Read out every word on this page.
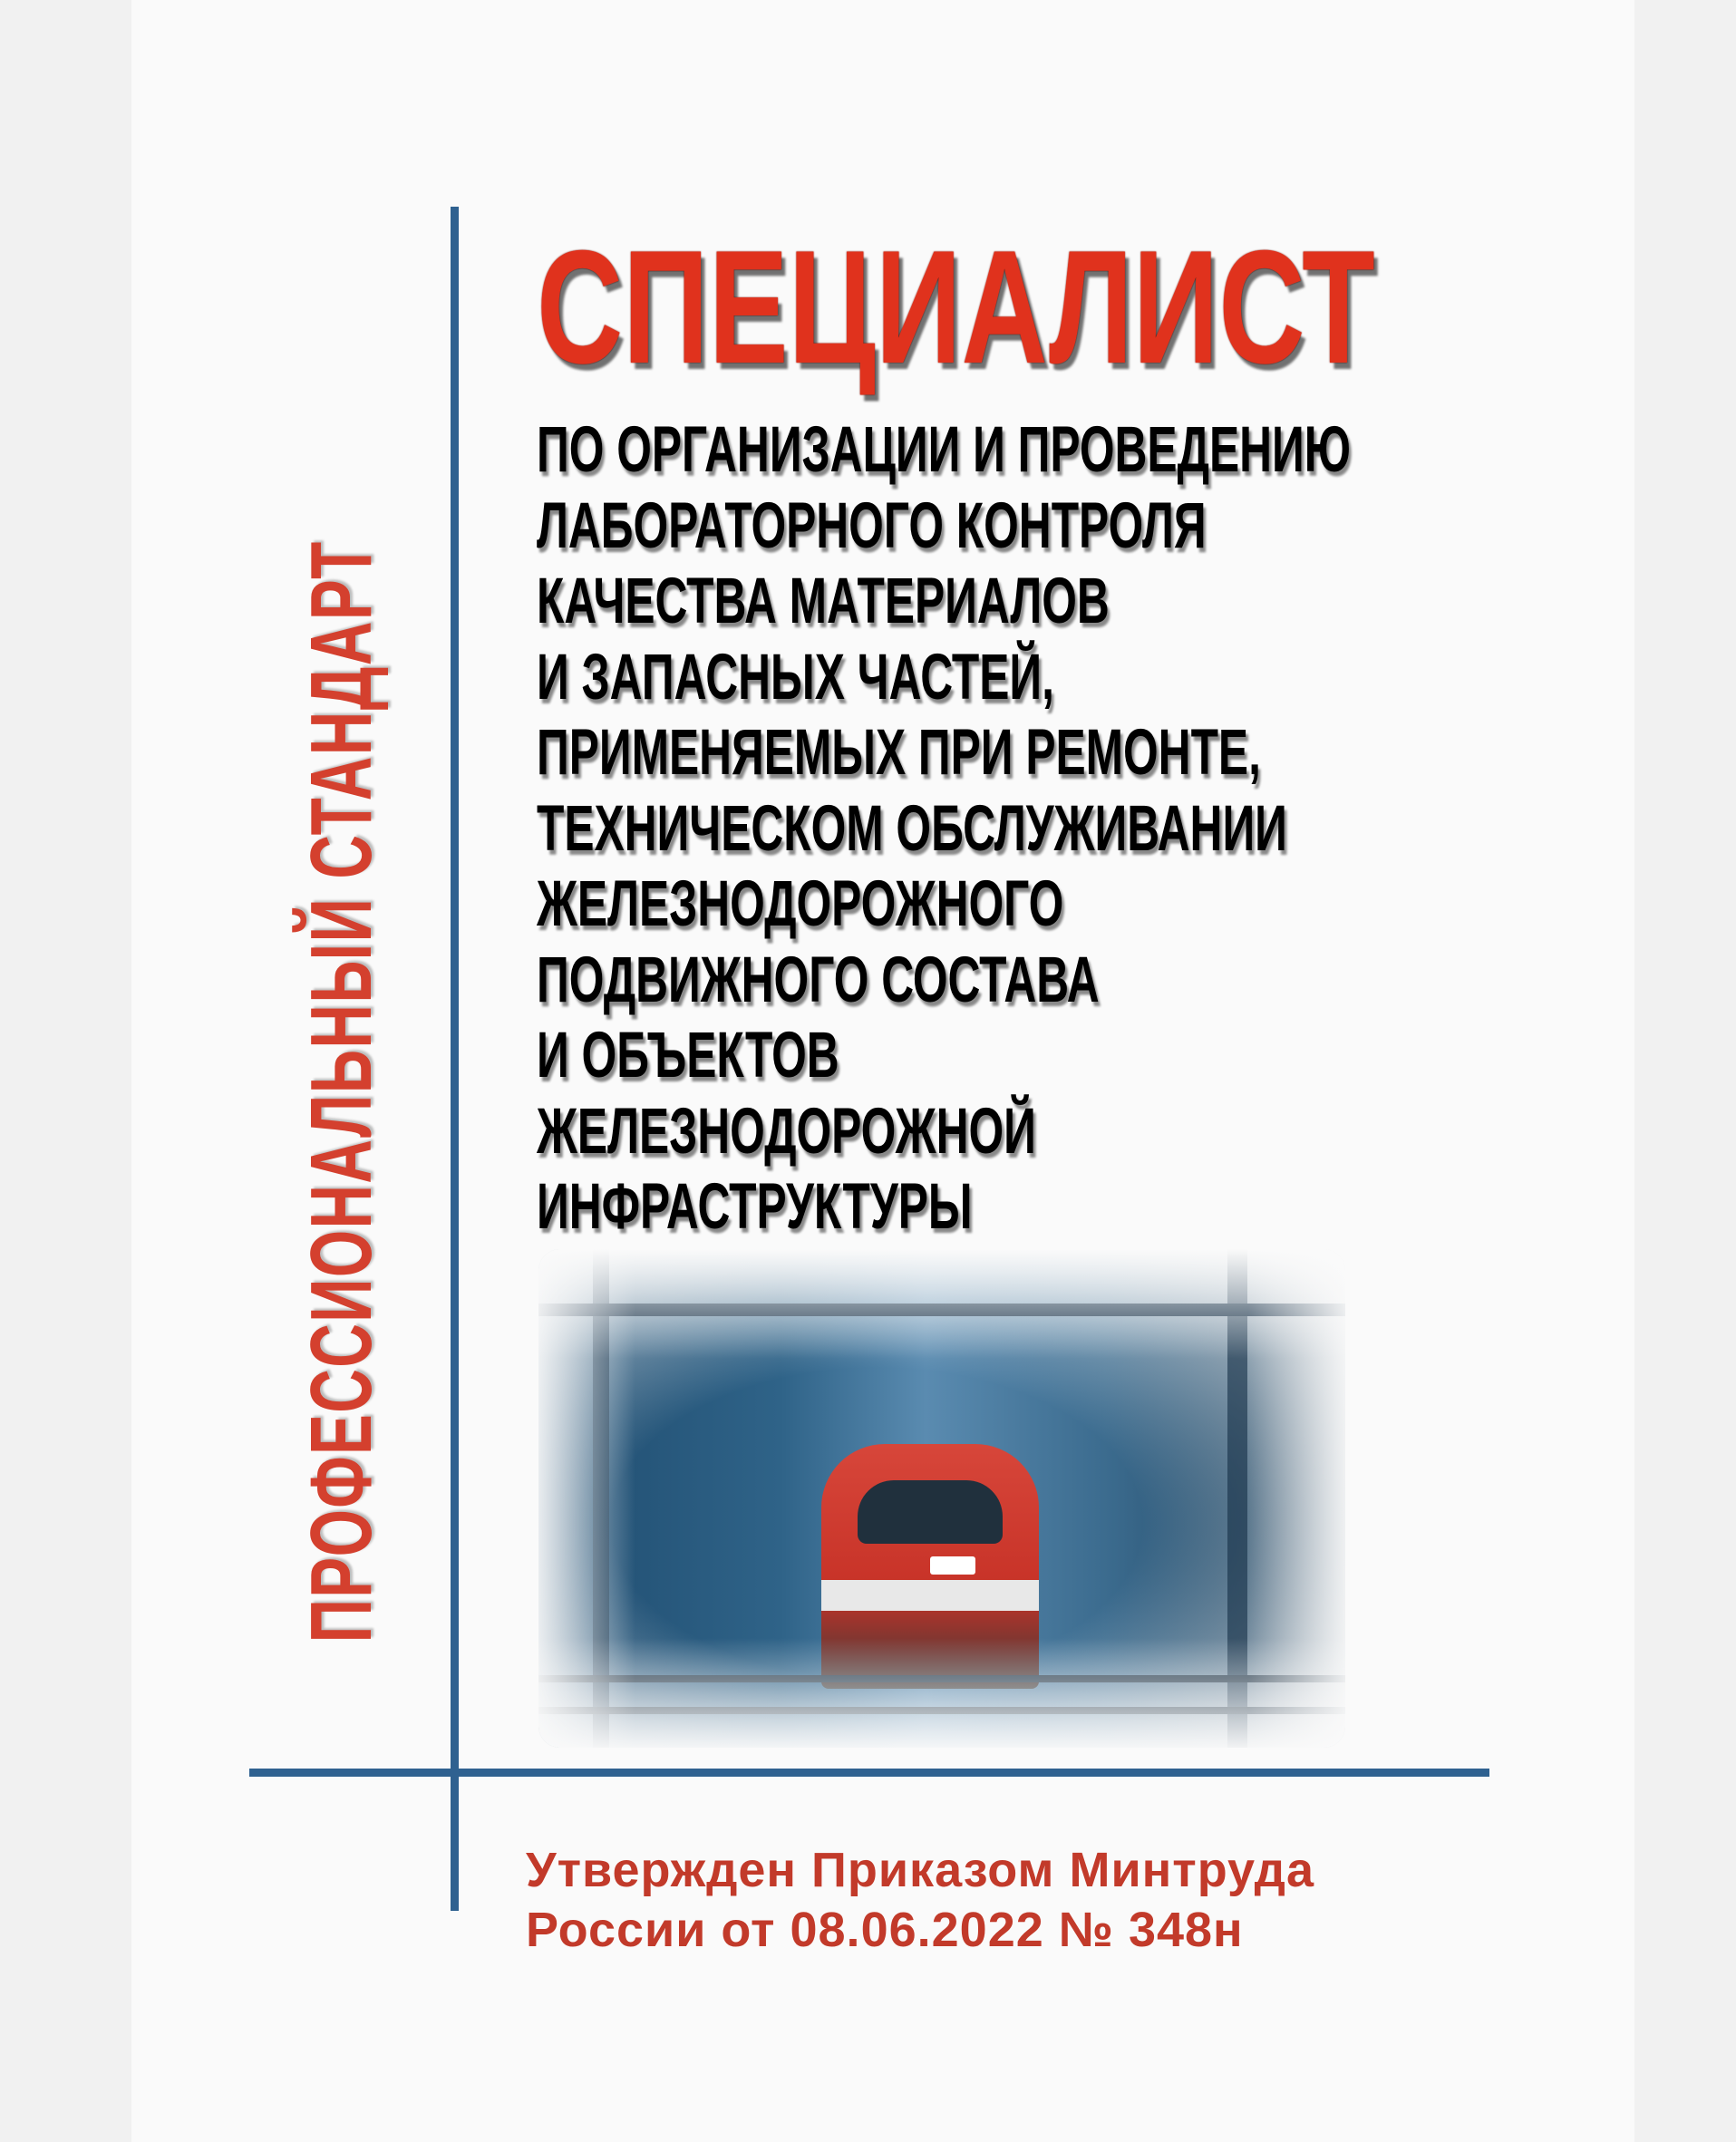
ПРОФЕССИОНАЛЬНЫЙ СТАНДАРТ
СПЕЦИАЛИСТ
ПО ОРГАНИЗАЦИИ И ПРОВЕДЕНИЮ
ЛАБОРАТОРНОГО КОНТРОЛЯ
КАЧЕСТВА МАТЕРИАЛОВ
И ЗАПАСНЫХ ЧАСТЕЙ,
ПРИМЕНЯЕМЫХ ПРИ РЕМОНТЕ,
ТЕХНИЧЕСКОМ ОБСЛУЖИВАНИИ
ЖЕЛЕЗНОДОРОЖНОГО
ПОДВИЖНОГО СОСТАВА
И ОБЪЕКТОВ
ЖЕЛЕЗНОДОРОЖНОЙ
ИНФРАСТРУКТУРЫ
Утвержден Приказом Минтруда
России от 08.06.2022 № 348н
